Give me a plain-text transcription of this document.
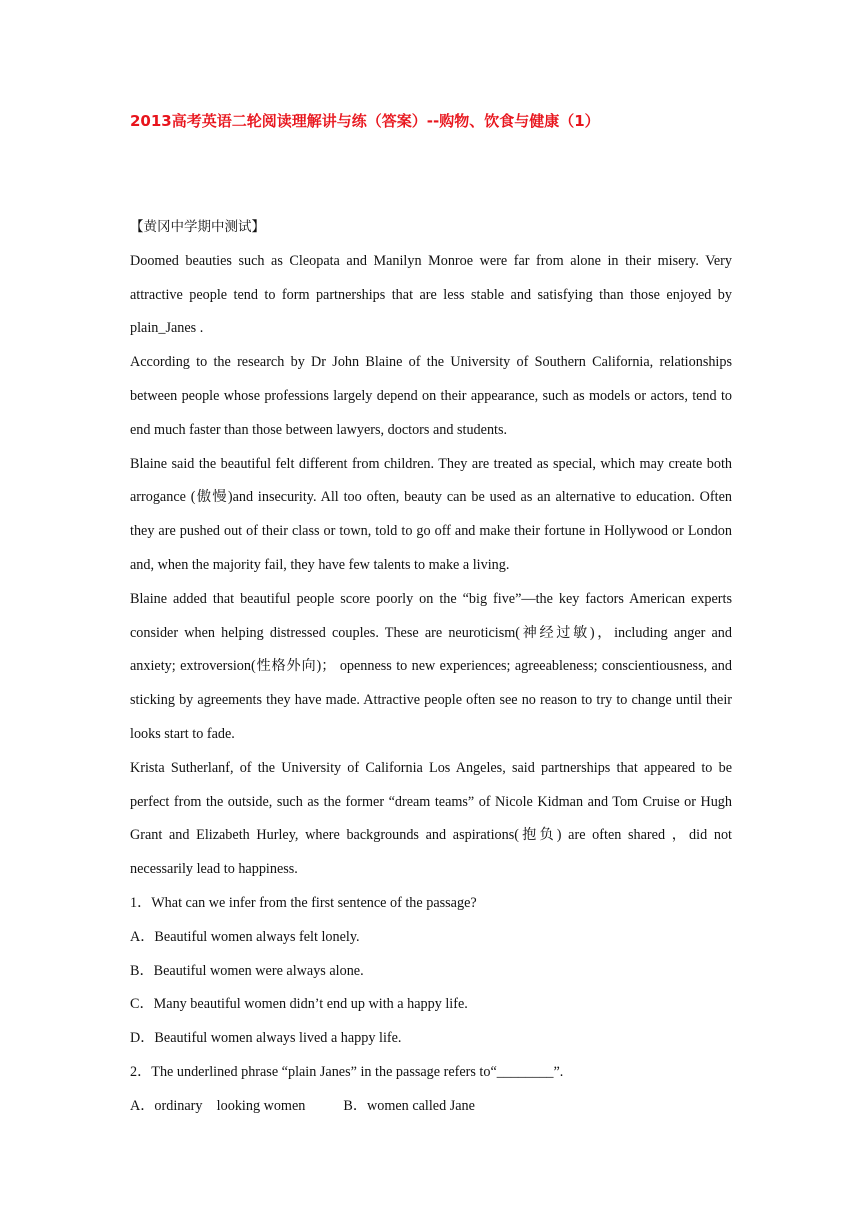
2013高考英语二轮阅读理解讲与练（答案）--购物、饮食与健康（1）

【黄冈中学期中测试】

Doomed beauties such as Cleopata and Manilyn Monroe were far from alone in their misery. Very attractive people tend to form partnerships that are less stable and satisfying than those enjoyed by plain_Janes .

According to the research by Dr John Blaine of the University of Southern California, relationships between people whose professions largely depend on their appearance, such as models or actors, tend to end much faster than those between lawyers, doctors and students.

Blaine said the beautiful felt different from children. They are treated as special, which may create both arrogance (傲慢)and insecurity. All too often, beauty can be used as an alternative to education. Often they are pushed out of their class or town, told to go off and make their fortune in Hollywood or London and, when the majority fail, they have few talents to make a living.

Blaine added that beautiful people score poorly on the “big five”—the key factors American experts consider when helping distressed couples. These are neuroticism(神经过敏)，including anger and anxiety; extroversion(性格外向)； openness to new experiences; agreeableness; conscientiousness, and sticking by agreements they have made. Attractive people often see no reason to try to change until their looks start to fade.

Krista Sutherlanf, of the University of California Los Angeles, said partnerships that appeared to be perfect from the outside, such as the former “dream teams” of Nicole Kidman and Tom Cruise or Hugh Grant and Elizabeth Hurley, where backgrounds and aspirations(抱负) are often shared ，did not necessarily lead to happiness.

1．What can we infer from the first sentence of the passage?

A．Beautiful women always felt lonely.

B．Beautiful women were always alone.

C．Many beautiful women didn’t end up with a happy life.

D．Beautiful women always lived a happy life.

2．The underlined phrase “plain Janes” in the passage refers to“________”.

A．ordinary　looking women	B．women called Jane
